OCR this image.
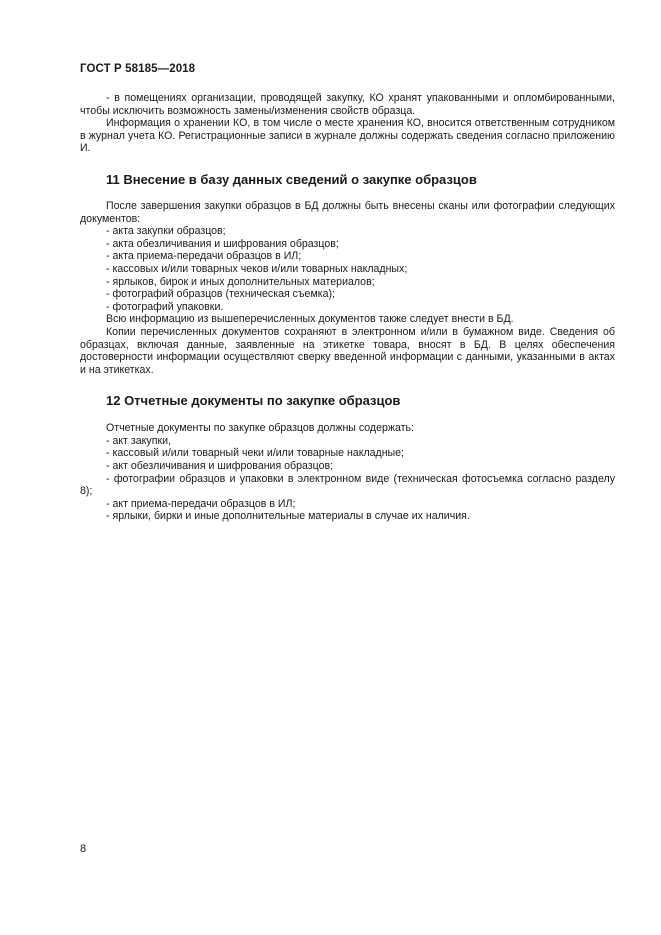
ГОСТ Р 58185—2018

- в помещениях организации, проводящей закупку, КО хранят упакованными и опломбированными, чтобы исключить возможность замены/изменения свойств образца.

Информация о хранении КО, в том числе о месте хранения КО, вносится ответственным сотрудником в журнал учета КО. Регистрационные записи в журнале должны содержать сведения согласно приложению И.

11 Внесение в базу данных сведений о закупке образцов

После завершения закупки образцов в БД должны быть внесены сканы или фотографии следующих документов:

- акта закупки образцов;

- акта обезличивания и шифрования образцов;

- акта приема-передачи образцов в ИЛ;

- кассовых и/или товарных чеков и/или товарных накладных;

- ярлыков, бирок и иных дополнительных материалов;

- фотографий образцов (техническая съемка);

- фотографий упаковки.

Всю информацию из вышеперечисленных документов также следует внести в БД.

Копии перечисленных документов сохраняют в электронном и/или в бумажном виде. Сведения об образцах, включая данные, заявленные на этикетке товара, вносят в БД. В целях обеспечения достоверности информации осуществляют сверку введенной информации с данными, указанными в актах и на этикетках.

12 Отчетные документы по закупке образцов

Отчетные документы по закупке образцов должны содержать:

- акт закупки,

- кассовый и/или товарный чеки и/или товарные накладные;

- акт обезличивания и шифрования образцов;

- фотографии образцов и упаковки в электронном виде (техническая фотосъемка согласно разделу 8);

- акт приема-передачи образцов в ИЛ;

- ярлыки, бирки и иные дополнительные материалы в случае их наличия.

8
